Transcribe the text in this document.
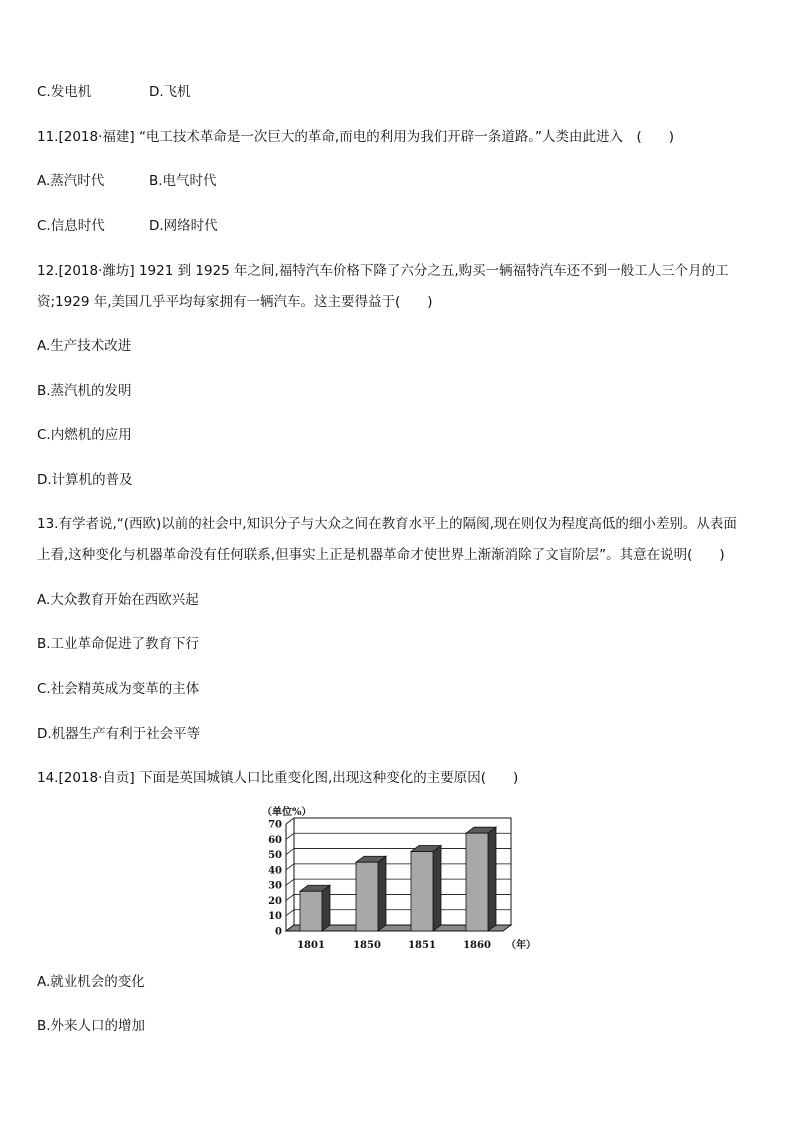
C.发电机	D.飞机
11.[2018·福建] “电工技术革命是一次巨大的革命,而电的利用为我们开辟一条道路。”人类由此进入　(　　)
A.蒸汽时代	B.电气时代
C.信息时代	D.网络时代
12.[2018·潍坊] 1921 到 1925 年之间,福特汽车价格下降了六分之五,购买一辆福特汽车还不到一般工人三个月的工
资;1929 年,美国几乎平均每家拥有一辆汽车。这主要得益于(　　)
A.生产技术改进
B.蒸汽机的发明
C.内燃机的应用
D.计算机的普及
13.有学者说,“(西欧)以前的社会中,知识分子与大众之间在教育水平上的隔阂,现在则仅为程度高低的细小差别。从表面
上看,这种变化与机器革命没有任何联系,但事实上正是机器革命才使世界上渐渐消除了文盲阶层”。其意在说明(　　)
A.大众教育开始在西欧兴起
B.工业革命促进了教育下行
C.社会精英成为变革的主体
D.机器生产有利于社会平等
14.[2018·自贡] 下面是英国城镇人口比重变化图,出现这种变化的主要原因(　　)
0
10
20
30
40
50
60
70
（单位%）
1801	1850	1851	1860 （年）
A.就业机会的变化
B.外来人口的增加
